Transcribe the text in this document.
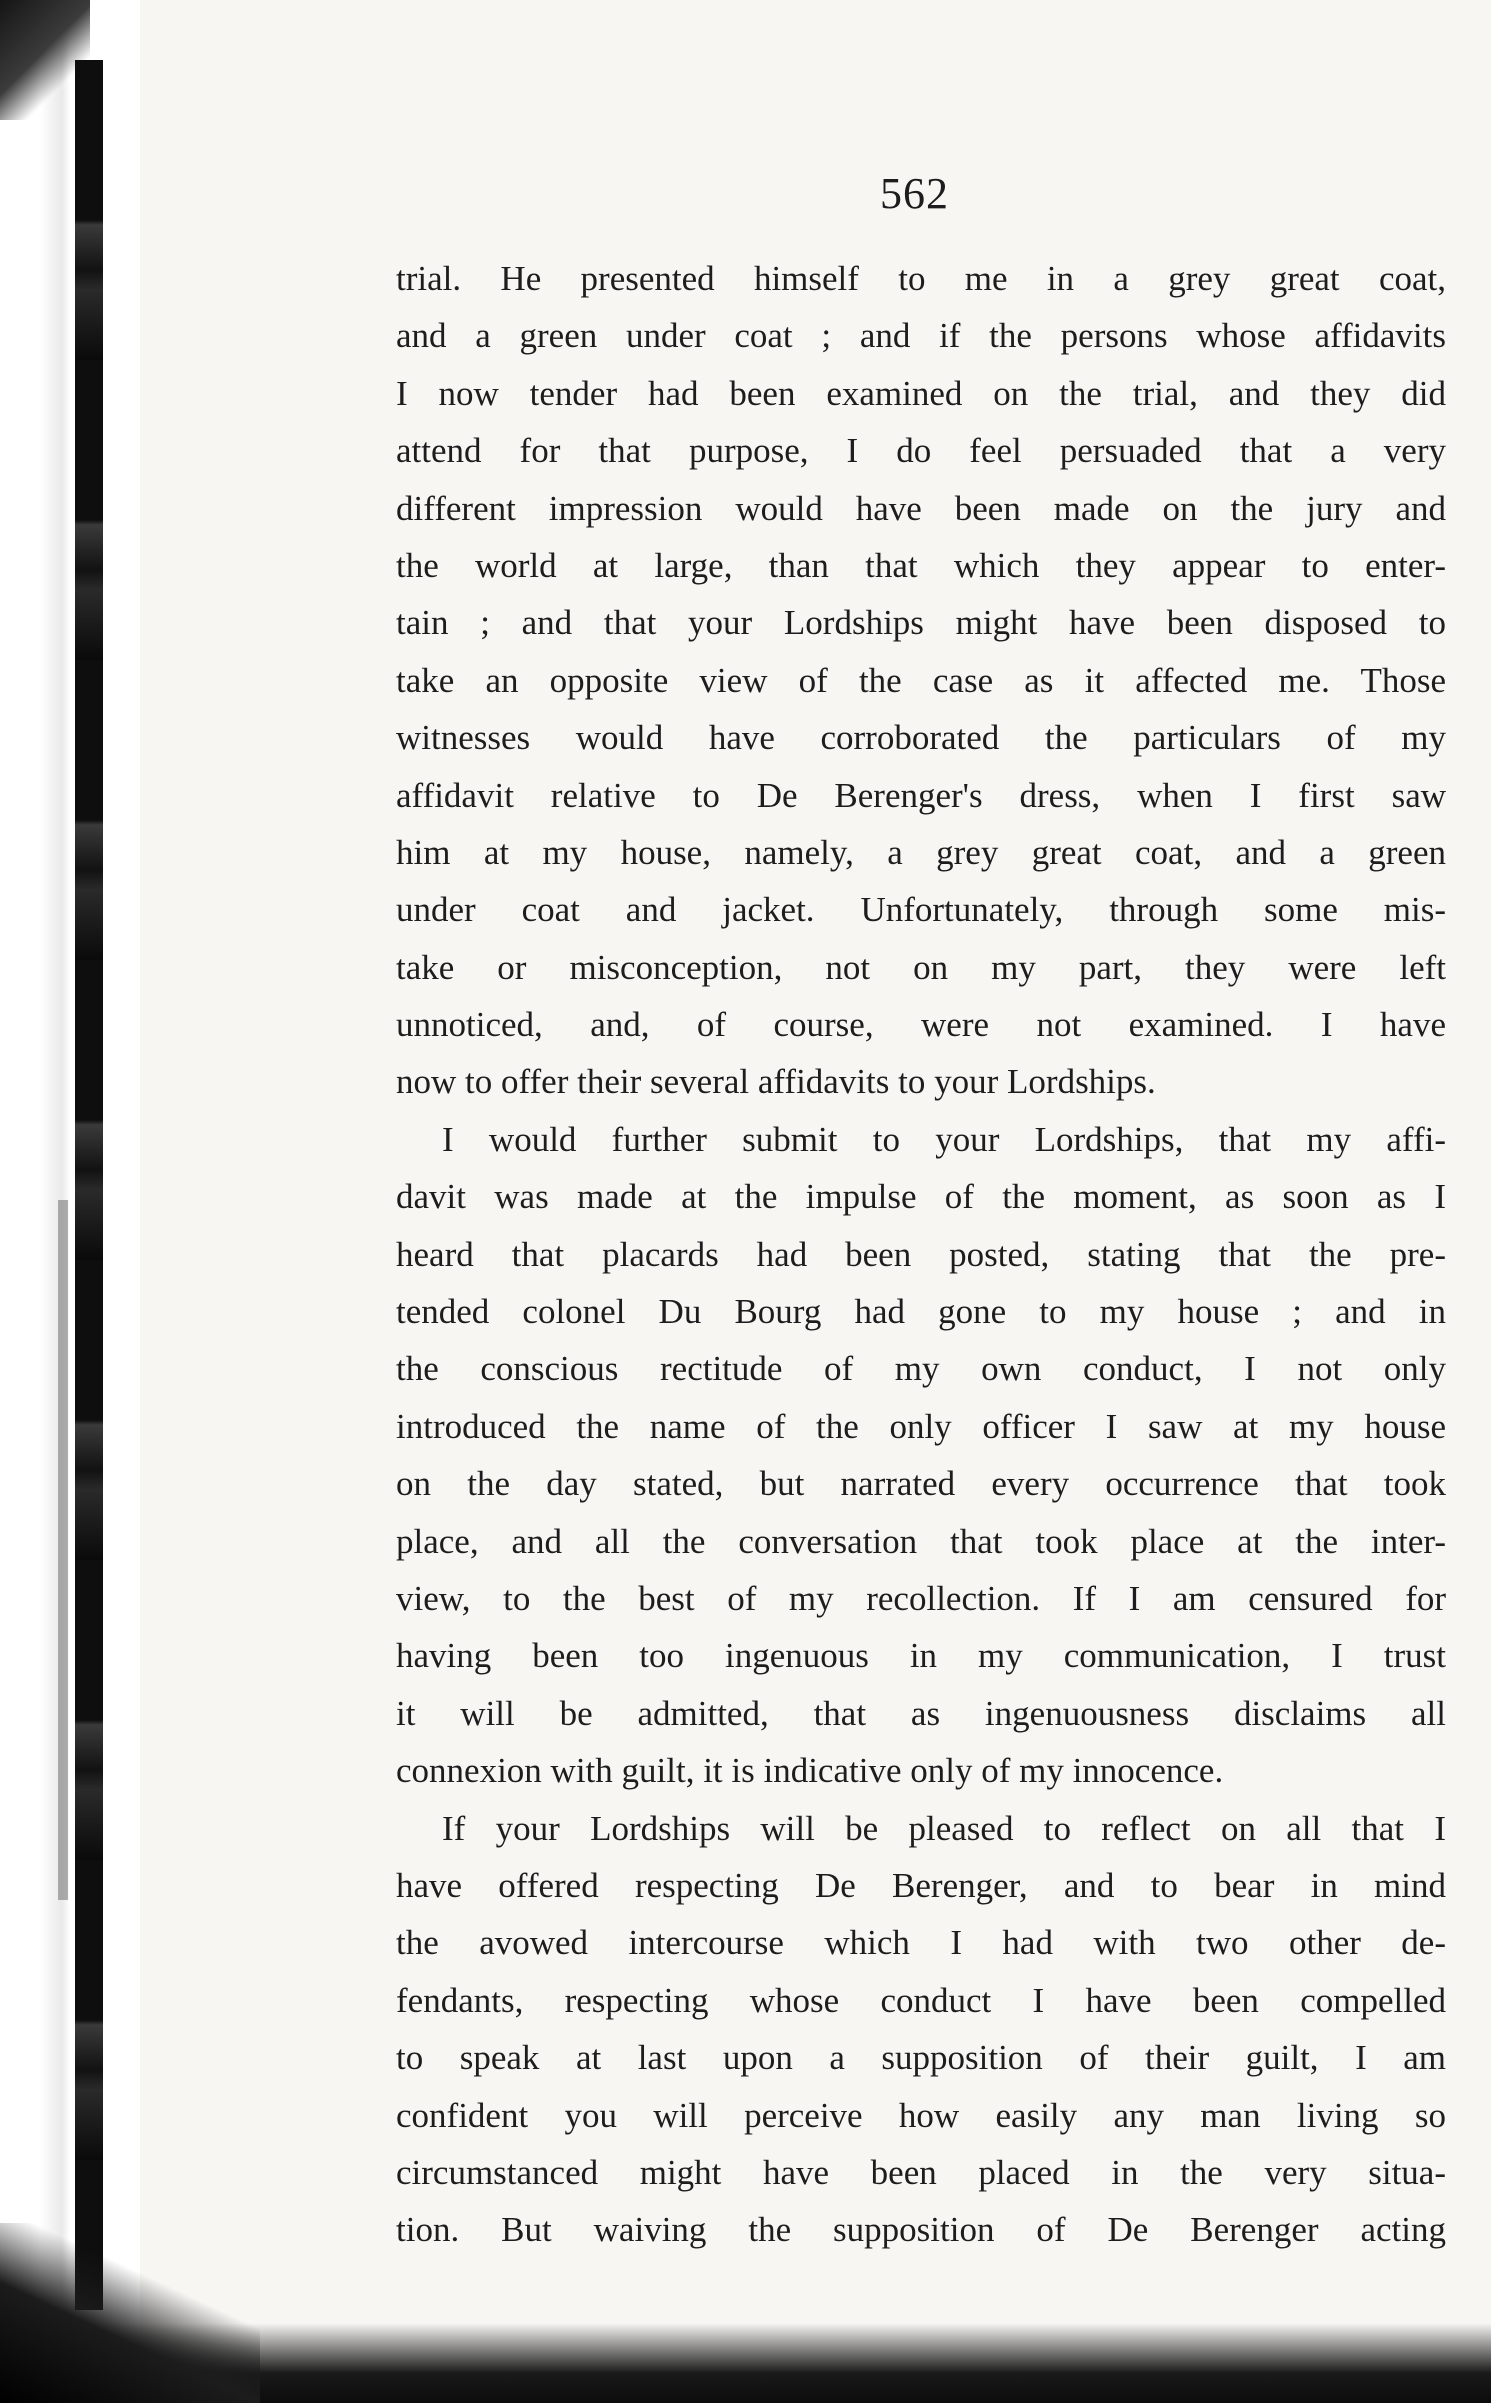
562
trial. He presented himself to me in a grey great coat,
and a green under coat ; and if the persons whose affidavits
I now tender had been examined on the trial, and they did
attend for that purpose, I do feel persuaded that a very
different impression would have been made on the jury and
the world at large, than that which they appear to enter-
tain ; and that your Lordships might have been disposed to
take an opposite view of the case as it affected me. Those
witnesses would have corroborated the particulars of my
affidavit relative to De Berenger's dress, when I first saw
him at my house, namely, a grey great coat, and a green
under coat and jacket. Unfortunately, through some mis-
take or misconception, not on my part, they were left
unnoticed, and, of course, were not examined. I have
now to offer their several affidavits to your Lordships.
I would further submit to your Lordships, that my affi-
davit was made at the impulse of the moment, as soon as I
heard that placards had been posted, stating that the pre-
tended colonel Du Bourg had gone to my house ; and in
the conscious rectitude of my own conduct, I not only
introduced the name of the only officer I saw at my house
on the day stated, but narrated every occurrence that took
place, and all the conversation that took place at the inter-
view, to the best of my recollection. If I am censured for
having been too ingenuous in my communication, I trust
it will be admitted, that as ingenuousness disclaims all
connexion with guilt, it is indicative only of my innocence.
If your Lordships will be pleased to reflect on all that I
have offered respecting De Berenger, and to bear in mind
the avowed intercourse which I had with two other de-
fendants, respecting whose conduct I have been compelled
to speak at last upon a supposition of their guilt, I am
confident you will perceive how easily any man living so
circumstanced might have been placed in the very situa-
tion. But waiving the supposition of De Berenger acting
